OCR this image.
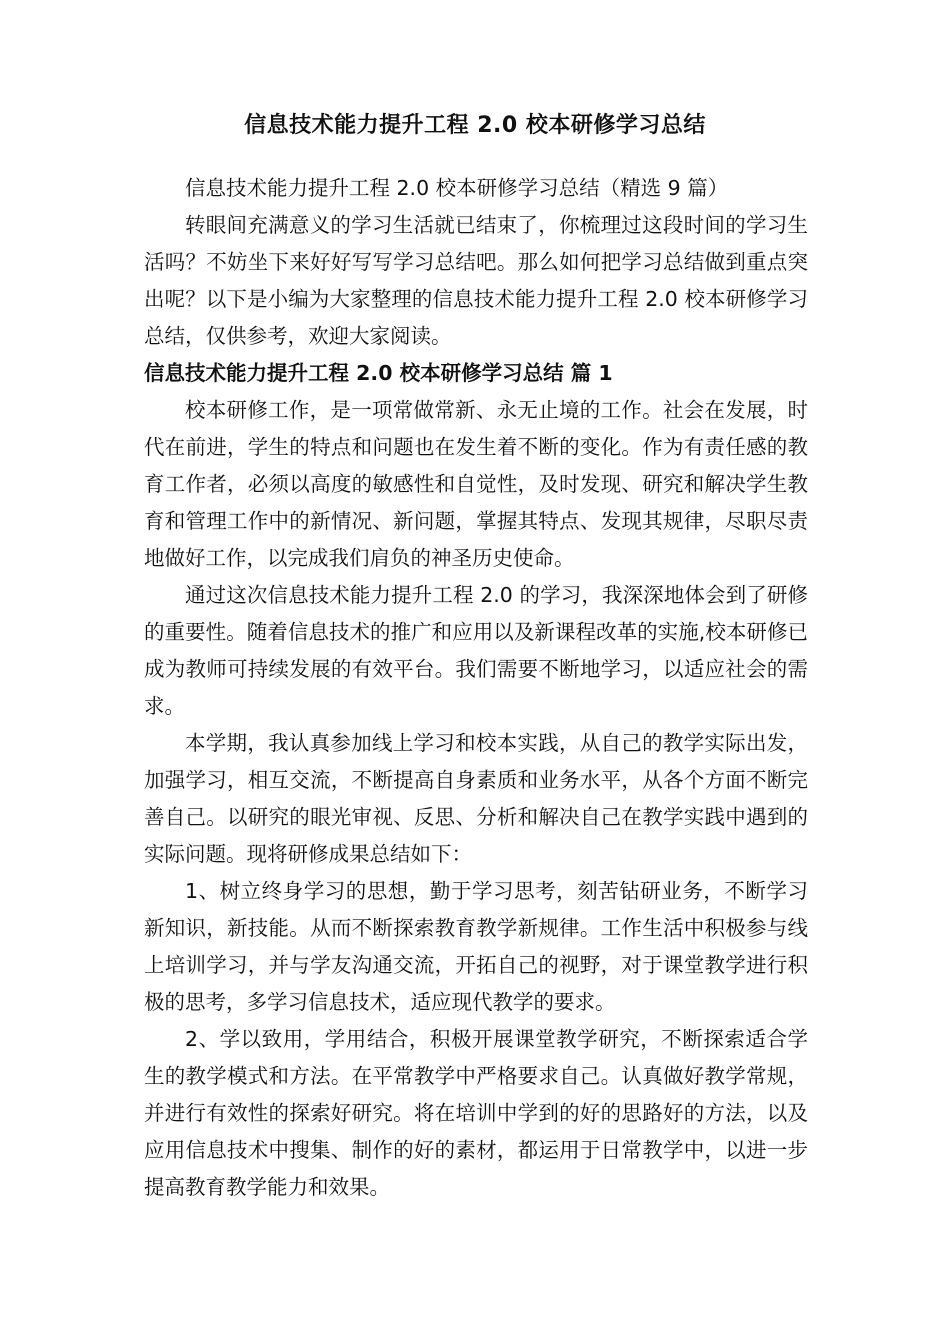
信息技术能力提升工程 2.0 校本研修学习总结

信息技术能力提升工程 2.0 校本研修学习总结（精选 9 篇）

转眼间充满意义的学习生活就已结束了，你梳理过这段时间的学习生活吗？不妨坐下来好好写写学习总结吧。那么如何把学习总结做到重点突出呢？以下是小编为大家整理的信息技术能力提升工程 2.0 校本研修学习总结，仅供参考，欢迎大家阅读。

信息技术能力提升工程 2.0 校本研修学习总结 篇 1

校本研修工作，是一项常做常新、永无止境的工作。社会在发展，时代在前进，学生的特点和问题也在发生着不断的变化。作为有责任感的教育工作者，必须以高度的敏感性和自觉性，及时发现、研究和解决学生教育和管理工作中的新情况、新问题，掌握其特点、发现其规律，尽职尽责地做好工作，以完成我们肩负的神圣历史使命。

通过这次信息技术能力提升工程 2.0 的学习，我深深地体会到了研修的重要性。随着信息技术的推广和应用以及新课程改革的实施,校本研修已成为教师可持续发展的有效平台。我们需要不断地学习，以适应社会的需求。

本学期，我认真参加线上学习和校本实践，从自己的教学实际出发，加强学习，相互交流，不断提高自身素质和业务水平，从各个方面不断完善自己。以研究的眼光审视、反思、分析和解决自己在教学实践中遇到的实际问题。现将研修成果总结如下：

1、树立终身学习的思想，勤于学习思考，刻苦钻研业务，不断学习新知识，新技能。从而不断探索教育教学新规律。工作生活中积极参与线上培训学习，并与学友沟通交流，开拓自己的视野，对于课堂教学进行积极的思考，多学习信息技术，适应现代教学的要求。

2、学以致用，学用结合，积极开展课堂教学研究，不断探索适合学生的教学模式和方法。在平常教学中严格要求自己。认真做好教学常规，并进行有效性的探索好研究。将在培训中学到的好的思路好的方法，以及应用信息技术中搜集、制作的好的素材，都运用于日常教学中，以进一步提高教育教学能力和效果。
